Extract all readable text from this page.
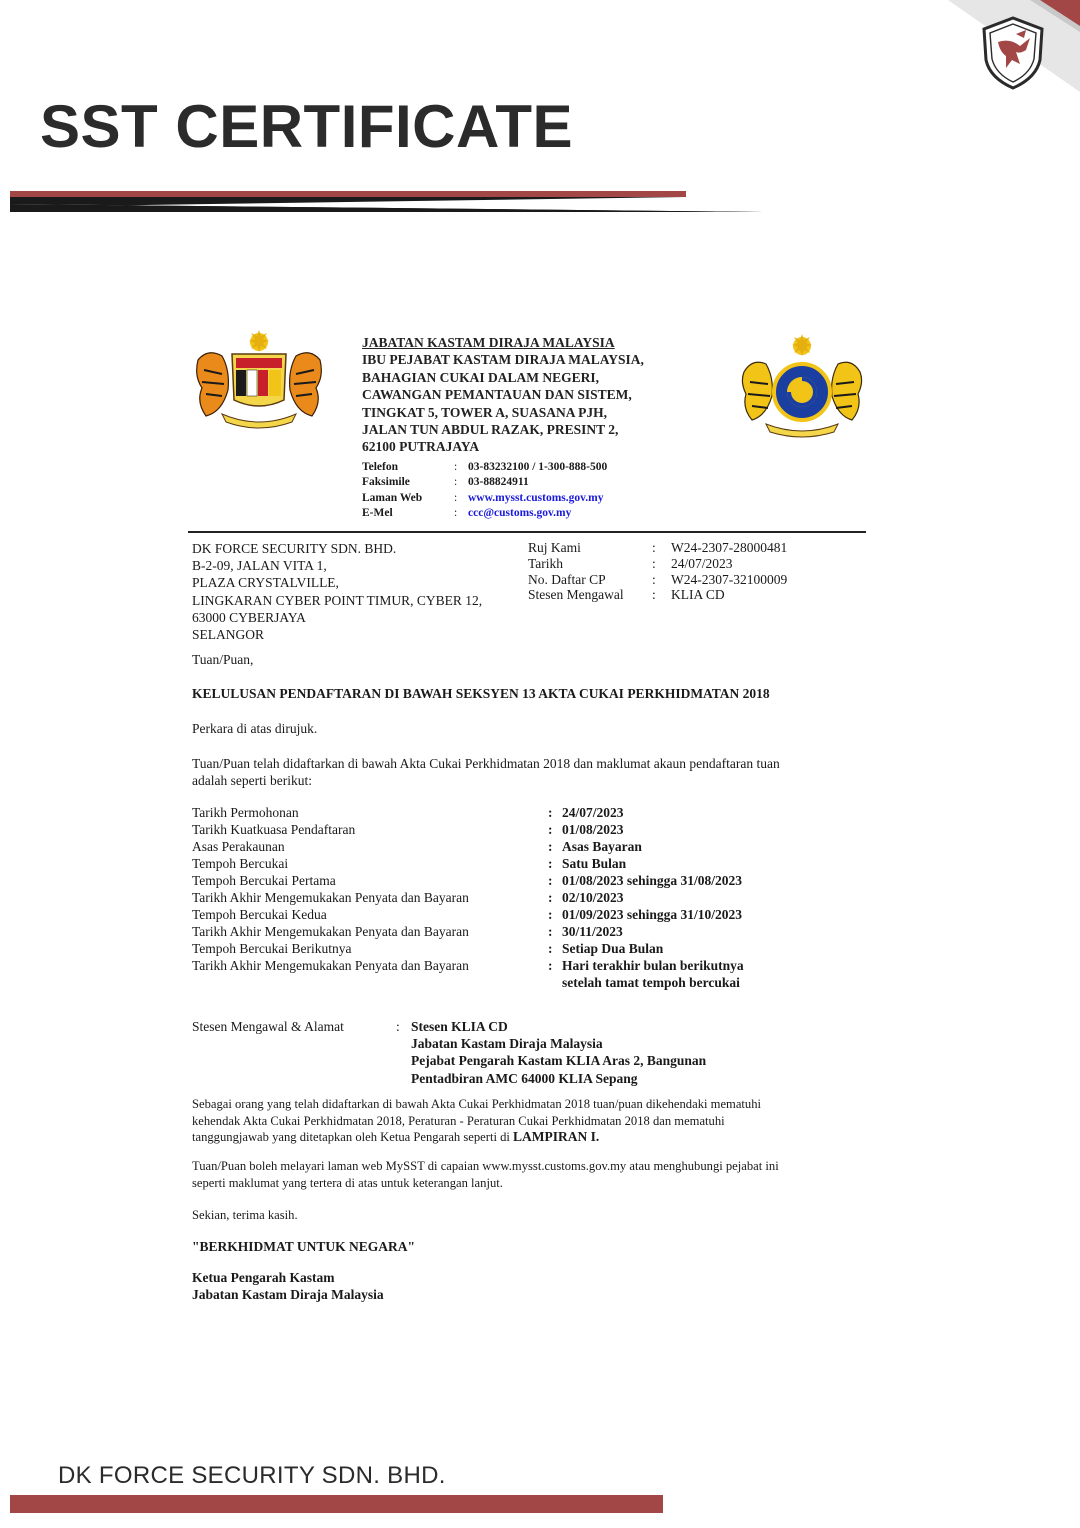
SST CERTIFICATE
JABATAN KASTAM DIRAJA MALAYSIA
IBU PEJABAT KASTAM DIRAJA MALAYSIA,
BAHAGIAN CUKAI DALAM NEGERI,
CAWANGAN PEMANTAUAN DAN SISTEM,
TINGKAT 5, TOWER A, SUASANA PJH,
JALAN TUN ABDUL RAZAK, PRESINT 2,
62100 PUTRAJAYA
Telefon	: 03-83232100 / 1-300-888-500
Faksimile	: 03-88824911
Laman Web	: www.mysst.customs.gov.my
E-Mel	: ccc@customs.gov.my
DK FORCE SECURITY SDN. BHD.
B-2-09, JALAN VITA 1,
PLAZA CRYSTALVILLE,
LINGKARAN CYBER POINT TIMUR, CYBER 12,
63000 CYBERJAYA
SELANGOR
Ruj Kami	:	W24-2307-28000481
Tarikh	:	24/07/2023
No. Daftar CP	:	W24-2307-32100009
Stesen Mengawal	:	KLIA CD
Tuan/Puan,
KELULUSAN PENDAFTARAN DI BAWAH SEKSYEN 13 AKTA CUKAI PERKHIDMATAN 2018
Perkara di atas dirujuk.
Tuan/Puan telah didaftarkan di bawah Akta Cukai Perkhidmatan 2018 dan maklumat akaun pendaftaran tuan
adalah seperti berikut:
Tarikh Permohonan	: 24/07/2023
Tarikh Kuatkuasa Pendaftaran	: 01/08/2023
Asas Perakaunan	: Asas Bayaran
Tempoh Bercukai	: Satu Bulan
Tempoh Bercukai Pertama	: 01/08/2023 sehingga 31/08/2023
Tarikh Akhir Mengemukakan Penyata dan Bayaran	: 02/10/2023
Tempoh Bercukai Kedua	: 01/09/2023 sehingga 31/10/2023
Tarikh Akhir Mengemukakan Penyata dan Bayaran	: 30/11/2023
Tempoh Bercukai Berikutnya	: Setiap Dua Bulan
Tarikh Akhir Mengemukakan Penyata dan Bayaran	: Hari terakhir bulan berikutnya
setelah tamat tempoh bercukai
Stesen Mengawal & Alamat	: Stesen KLIA CD
Jabatan Kastam Diraja Malaysia
Pejabat Pengarah Kastam KLIA Aras 2, Bangunan
Pentadbiran AMC 64000 KLIA Sepang
Sebagai orang yang telah didaftarkan di bawah Akta Cukai Perkhidmatan 2018 tuan/puan dikehendaki mematuhi
kehendak Akta Cukai Perkhidmatan 2018, Peraturan - Peraturan Cukai Perkhidmatan 2018 dan mematuhi
tanggungjawab yang ditetapkan oleh Ketua Pengarah seperti di LAMPIRAN I.
Tuan/Puan boleh melayari laman web MySST di capaian www.mysst.customs.gov.my atau menghubungi pejabat ini
seperti maklumat yang tertera di atas untuk keterangan lanjut.
Sekian, terima kasih.
"BERKHIDMAT UNTUK NEGARA"
Ketua Pengarah Kastam
Jabatan Kastam Diraja Malaysia
DK FORCE SECURITY SDN. BHD.
